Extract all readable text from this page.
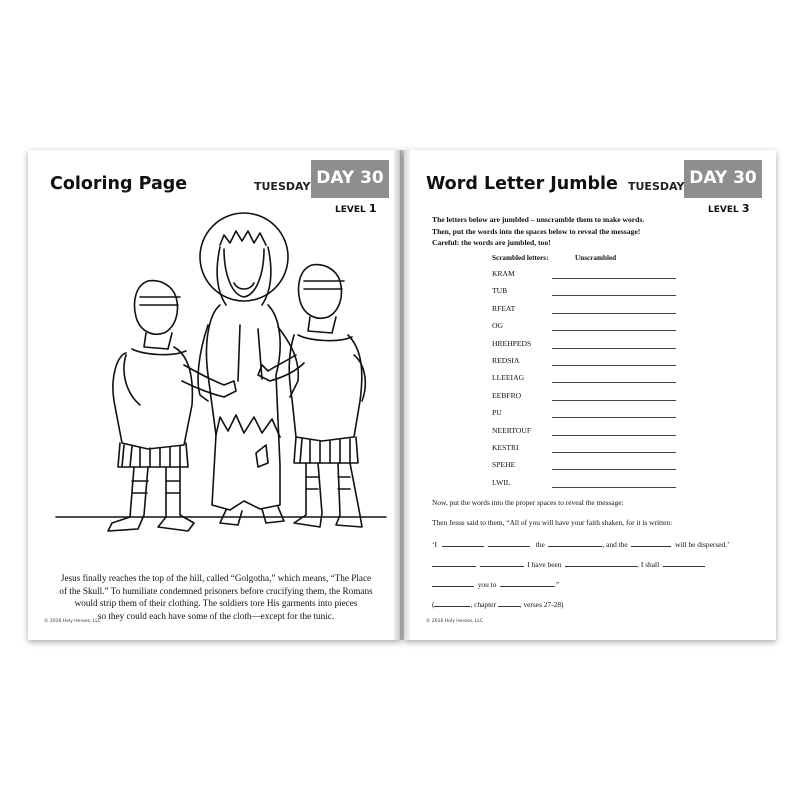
Coloring Page	TUESDAY DAY 30
LEVEL 1
Jesus finally reaches the top of the hill, called “Golgotha,” which means, “The Place
of the Skull.” To humiliate condemned prisoners before crucifying them, the Romans
would strip them of their clothing. The soldiers tore His garments into pieces
so they could each have some of the cloth—except for the tunic.
© 2016 Holy Heroes, LLC
Word Letter Jumble TUESDAY DAY 30
LEVEL 3
The letters below are jumbled – unscramble them to make words.
Then, put the words into the spaces below to reveal the message!
Careful: the words are jumbled, too!
Scrambled letters:	Unscrambled
KRAM
TUB
RFEAT
OG
HREHPEDS
REDSIA
LLEEIAG
EEBFRO
PU
NEERTOUF
KESTRI
SPEHE
LWIL
Now, put the words into the proper spaces to reveal the message:
Then Jesus said to them, “All of you will have your faith shaken, for it is written:
‘I	the	, and the	will be dispersed.’
I have been	, I shall
you to	.”
(	, chapter	, verses 27-28)
© 2016 Holy Heroes, LLC
